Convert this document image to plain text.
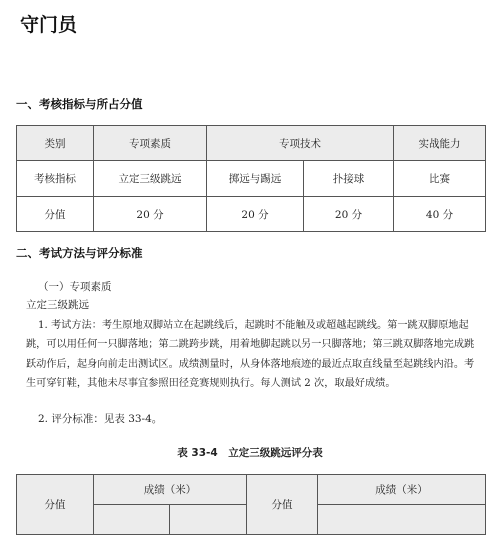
守门员
一、考核指标与所占分值
类别	专项素质	专项技术		实战能力
考核指标	立定三级跳远	掷远与踢远	扑接球	比赛
分值	20 分	20 分	20 分	40 分
二、考试方法与评分标准
（一）专项素质
立定三级跳远
1. 考试方法：考生原地双脚站立在起跳线后，起跳时不能触及或超越起跳线。第一跳双脚原地起跳，可以用任何一只脚落地；第二跳跨步跳，用着地脚起跳以另一只脚落地；第三跳双脚落地完成跳跃动作后，起身向前走出测试区。成绩测量时，从身体落地痕迹的最近点取直线量至起跳线内沿。考生可穿钉鞋，其他未尽事宜参照田径竞赛规则执行。每人测试 2 次，取最好成绩。
2. 评分标准：见表 33-4。
表 33-4　立定三级跳远评分表
分值	成绩（米）		分值	成绩（米）
